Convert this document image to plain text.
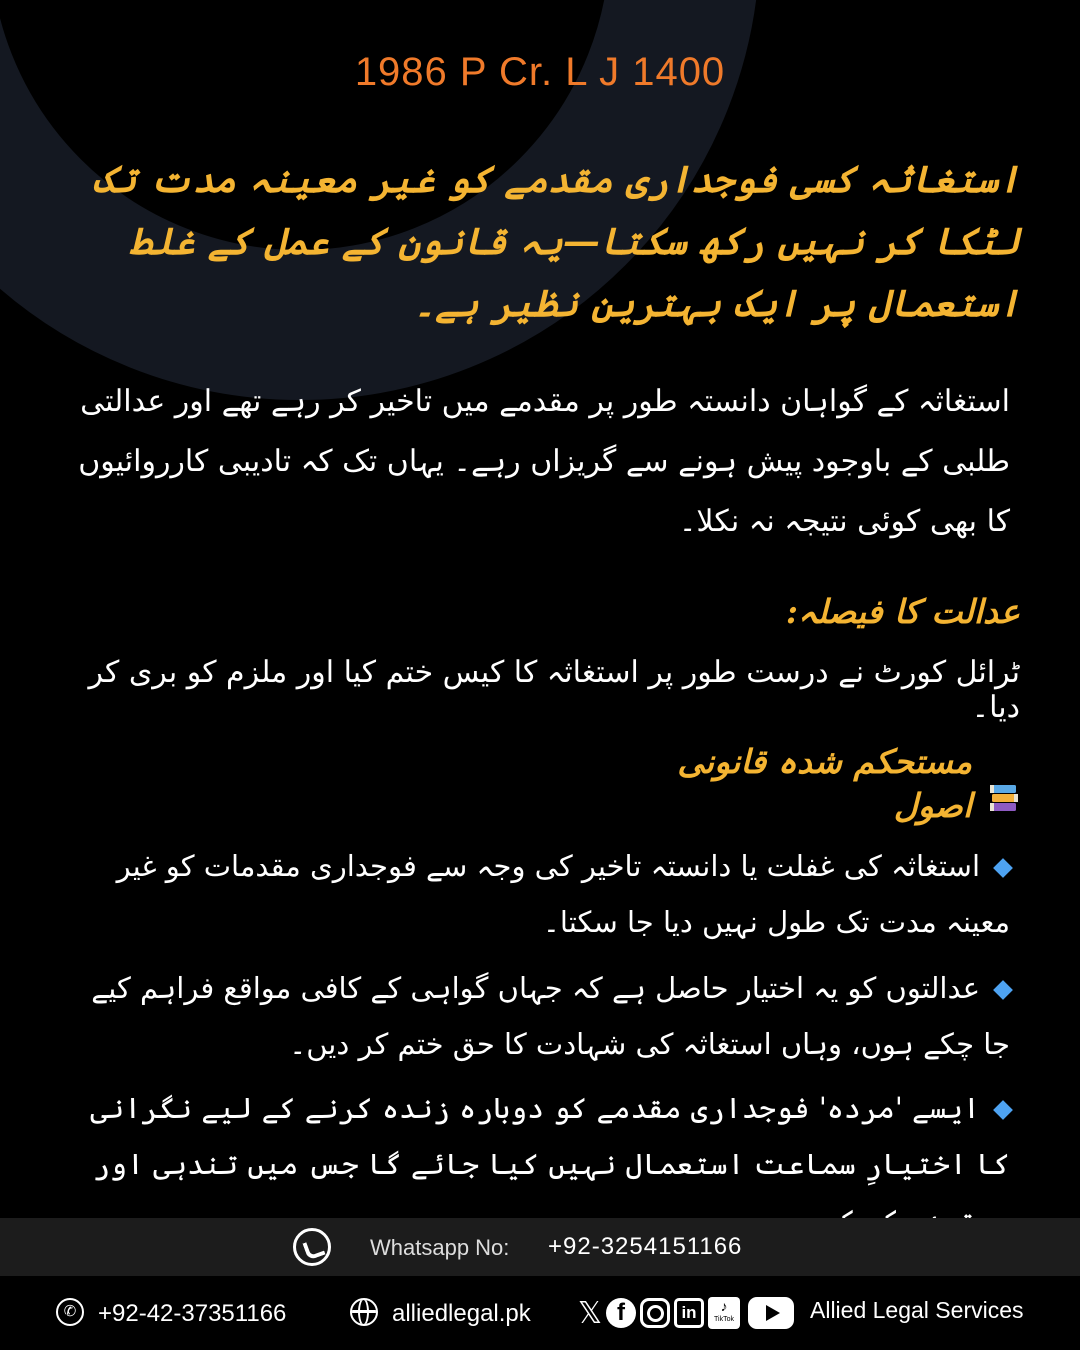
1986 P Cr. L J 1400
استغاثہ کسی فوجداری مقدمے کو غیر معینہ مدت تک لٹکا کر نہیں رکھ سکتا—یہ قانون کے عمل کے غلط استعمال پر ایک بہترین نظیر ہے۔
استغاثہ کے گواہان دانستہ طور پر مقدمے میں تاخیر کر رہے تھے اور عدالتی طلبی کے باوجود پیش ہونے سے گریزاں رہے۔ یہاں تک کہ تادیبی کارروائیوں کا بھی کوئی نتیجہ نہ نکلا۔
عدالت کا فیصلہ:
ٹرائل کورٹ نے درست طور پر استغاثہ کا کیس ختم کیا اور ملزم کو بری کر دیا۔
مستحکم شدہ قانونی اصول
استغاثہ کی غفلت یا دانستہ تاخیر کی وجہ سے فوجداری مقدمات کو غیر معینہ مدت تک طول نہیں دیا جا سکتا۔
عدالتوں کو یہ اختیار حاصل ہے کہ جہاں گواہی کے کافی مواقع فراہم کیے جا چکے ہوں، وہاں استغاثہ کی شہادت کا حق ختم کر دیں۔
ایسے 'مردہ' فوجداری مقدمے کو دوبارہ زندہ کرنے کے لیے نگرانی کا اختیارِ سماعت استعمال نہیں کیا جائے گا جس میں تندہی اور
Whatsapp No: +92-3254151166
✆ +92-42-37351166	alliedlegal.pk 𝕏 f	in	♪
TikTok	Allied Legal Services
